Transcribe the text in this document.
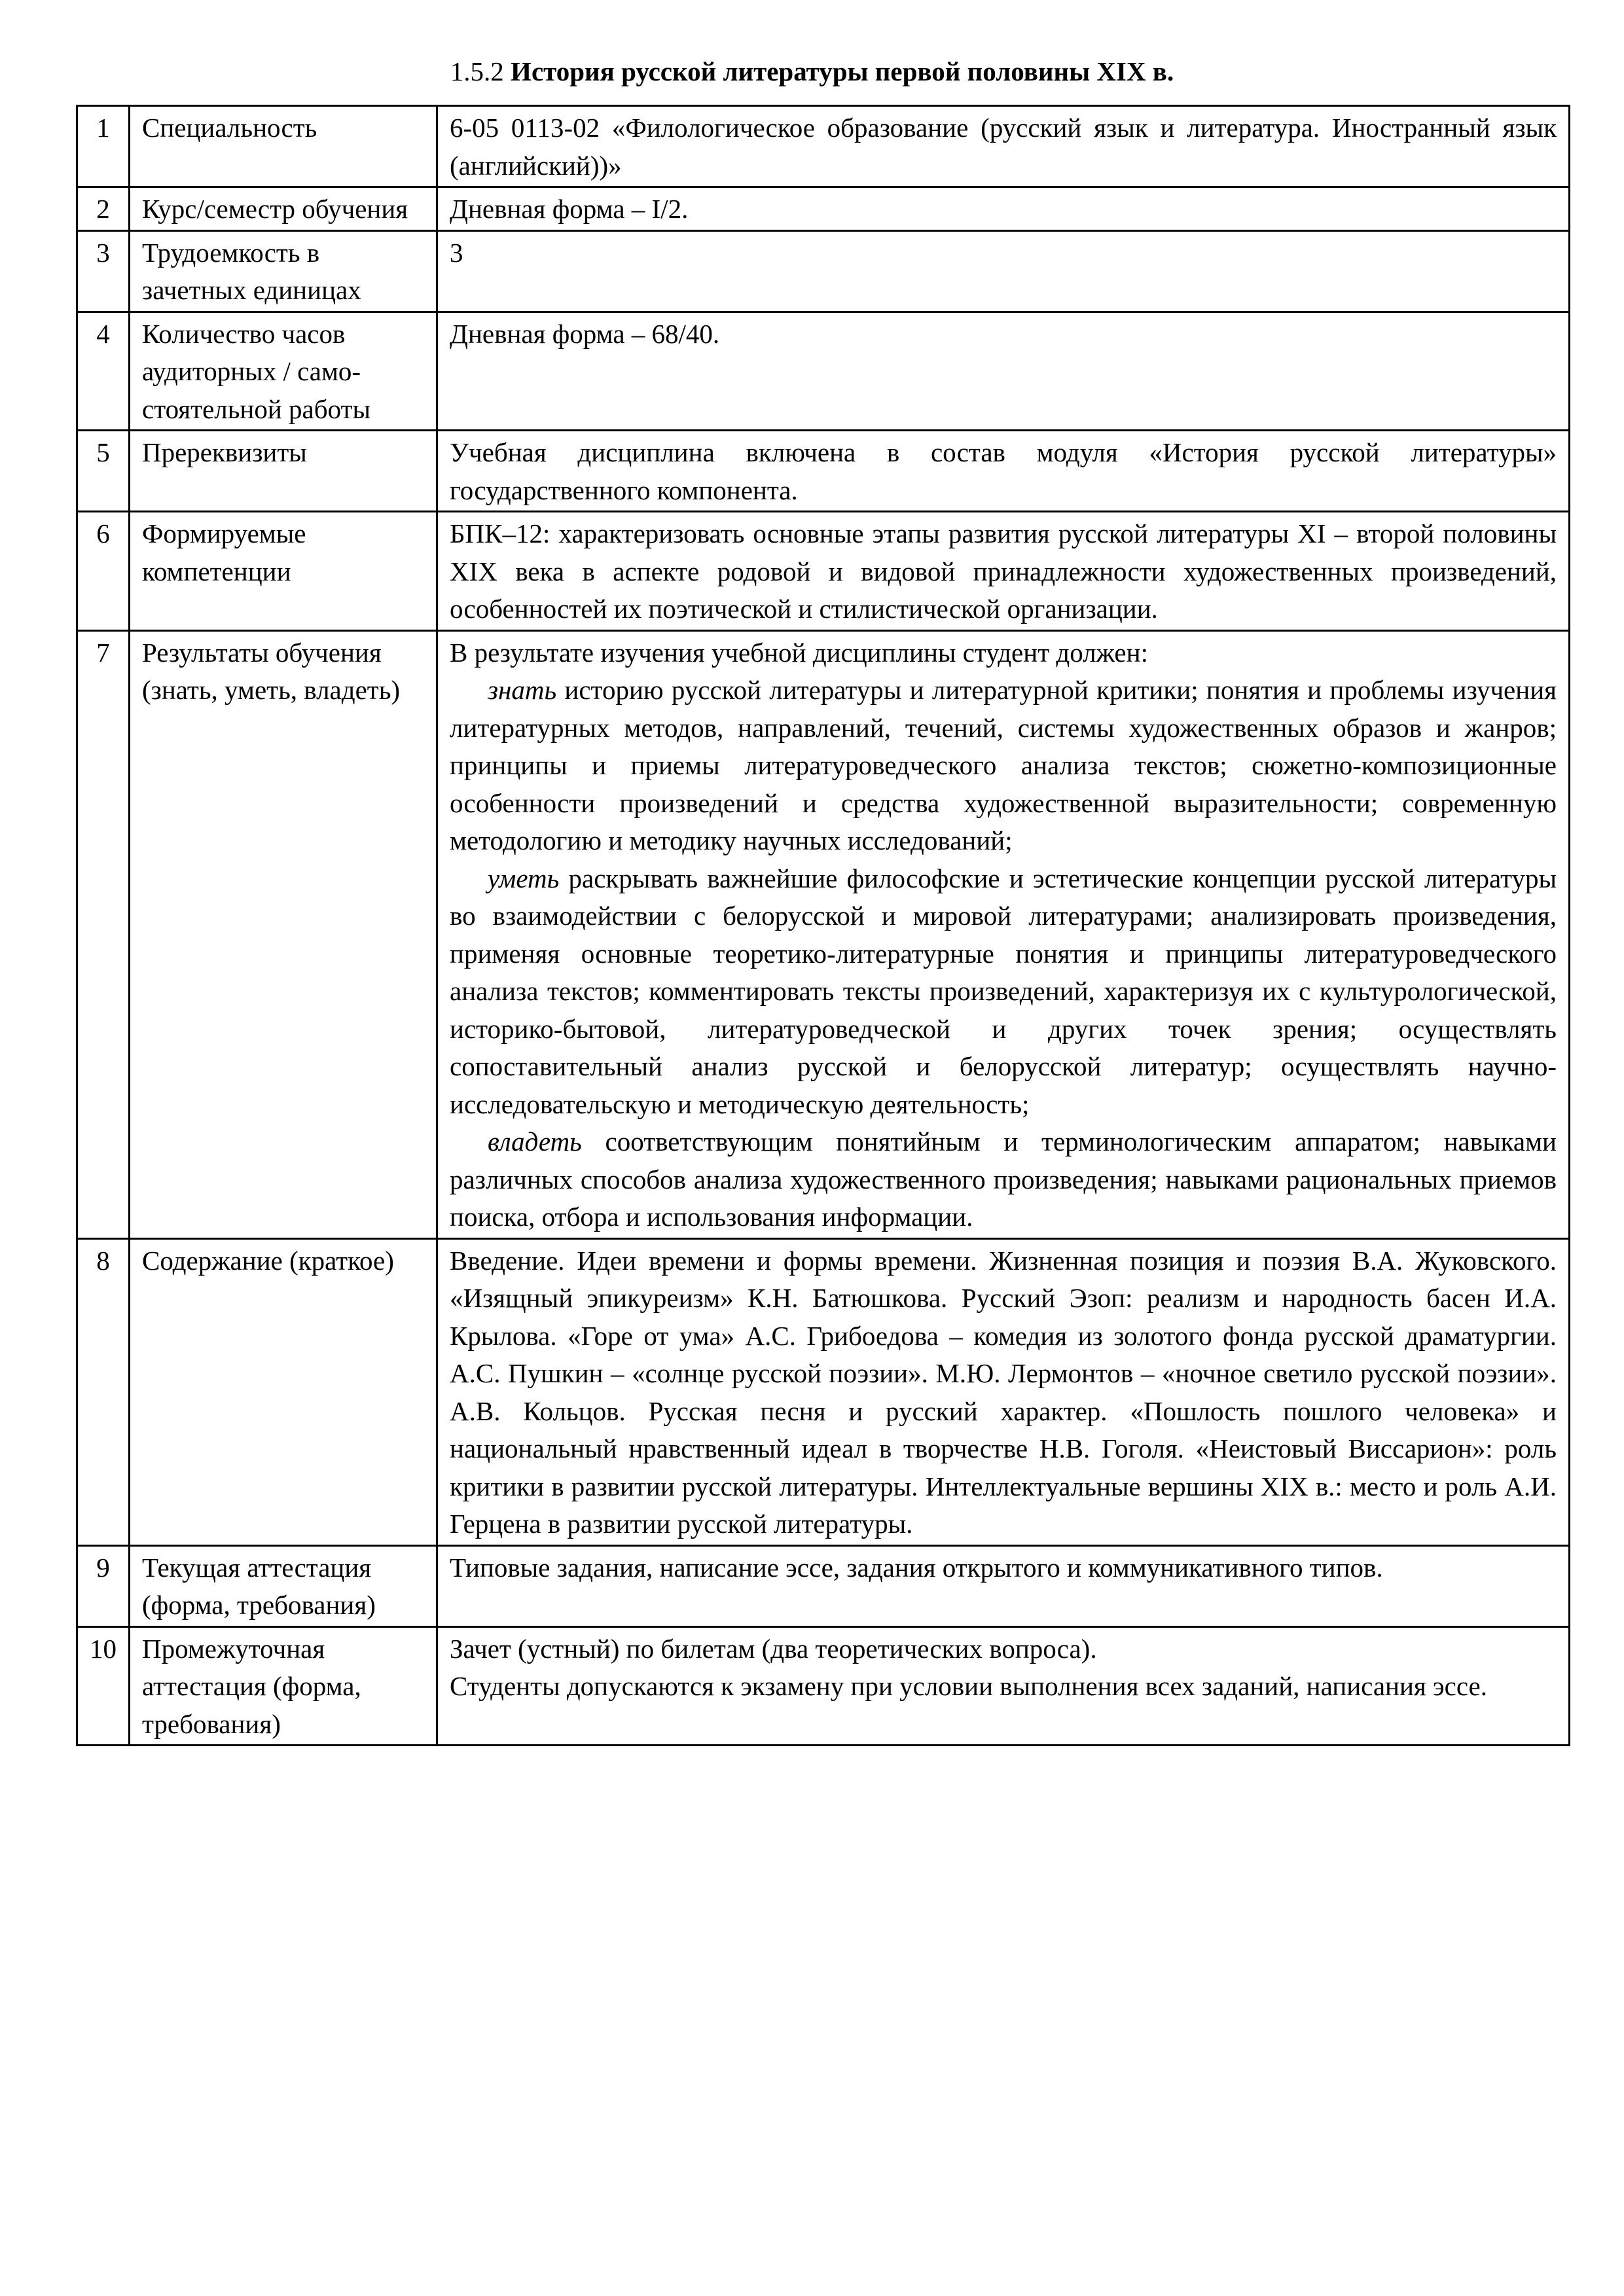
1.5.2 История русской литературы первой половины XIX в.
1	Специальность	6-05 0113-02 «Филологическое образование (русский язык и литература. Иностранный язык (английский))»
2	Курс/семестр обучения	Дневная форма – I/2.
3	Трудоемкость в зачетных единицах	3
4	Количество часов аудиторных / само-стоятельной работы	Дневная форма – 68/40.
5	Пререквизиты	Учебная дисциплина включена в состав модуля «История русской литературы» государственного компонента.
6	Формируемые компетенции	БПК–12: характеризовать основные этапы развития русской литературы XI – второй половины XIX века в аспекте родовой и видовой принадлежности художественных произведений, особенностей их поэтической и стилистической организации.
7	Результаты обучения (знать, уметь, владеть)	В результате изучения учебной дисциплины студент должен:
знать историю русской литературы и литературной критики; понятия и проблемы изучения литературных методов, направлений, течений, системы художественных образов и жанров; принципы и приемы литературоведческого анализа текстов; сюжетно-композиционные особенности произведений и средства художественной выразительности; современную методологию и методику научных исследований;
уметь раскрывать важнейшие философские и эстетические концепции русской литературы во взаимодействии с белорусской и мировой литературами; анализировать произведения, применяя основные теоретико-литературные понятия и принципы литературоведческого анализа текстов; комментировать тексты произведений, характеризуя их с культурологической, историко-бытовой, литературоведческой и других точек зрения; осуществлять сопоставительный анализ русской и белорусской литератур; осуществлять научно-исследовательскую и методическую деятельность;
владеть соответствующим понятийным и терминологическим аппаратом; навыками различных способов анализа художественного произведения; навыками рациональных приемов поиска, отбора и использования информации.

8	Содержание (краткое)	Введение. Идеи времени и формы времени. Жизненная позиция и поэзия В.А. Жуковского. «Изящный эпикуреизм» К.Н. Батюшкова. Русский Эзоп: реализм и народность басен И.А. Крылова. «Горе от ума» А.С. Грибоедова – комедия из золотого фонда русской драматургии. А.С. Пушкин – «солнце русской поэзии». М.Ю. Лермонтов – «ночное светило русской поэзии». А.В. Кольцов. Русская песня и русский характер. «Пошлость пошлого человека» и национальный нравственный идеал в творчестве Н.В. Гоголя. «Неистовый Виссарион»: роль критики в развитии русской литературы. Интеллектуальные вершины XIX в.: место и роль А.И. Герцена в развитии русской литературы.
9	Текущая аттестация (форма, требования)	Типовые задания, написание эссе, задания открытого и коммуникативного типов.
10	Промежуточная аттестация (форма, требования)	Зачет (устный) по билетам (два теоретических вопроса).
Студенты допускаются к экзамену при условии выполнения всех заданий, написания эссе.
